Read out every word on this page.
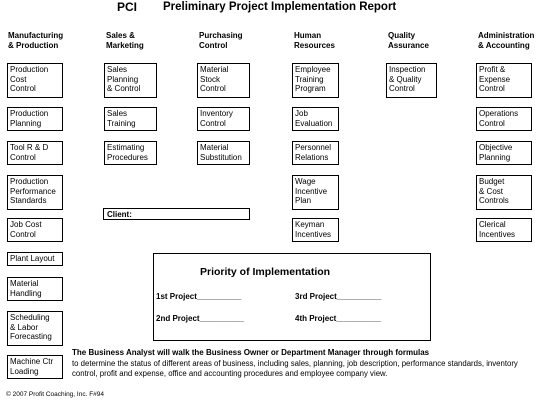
PCI Preliminary Project Implementation Report
Manufacturing
& Production
Sales &
Marketing
Purchasing
Control
Human
Resources
Quality
Assurance
Administration
& Accounting
Production
Cost
Control
Production
Planning
Tool R & D
Control
Production
Performance
Standards
Job Cost
Control
Plant Layout
Material
Handling
Scheduling
& Labor
Forecasting
Machine Ctr
Loading
Sales
Planning
& Control
Sales
Training
Estimating
Procedures
Material
Stock
Control
Inventory
Control
Material
Substitution
Client:
Employee
Training
Program
Job
Evaluation
Personnel
Relations
Wage
Incentive
Plan
Keyman
Incentives
Inspection
& Quality
Control
Profit &
Expense
Control
Operations
Control
Objective
Planning
Budget
& Cost
Controls
Clerical
Incentives
Priority of Implementation
1st Project__________
2nd Project__________
3rd Project__________
4th Project__________
The Business Analyst will walk the Business Owner or Department Manager through formulas
to determine the status of different areas of business, including sales, planning, job description, performance standards, inventory control, profit and expense, office and accounting procedures and employee company view.
© 2007 Profit Coaching, Inc. F#94
